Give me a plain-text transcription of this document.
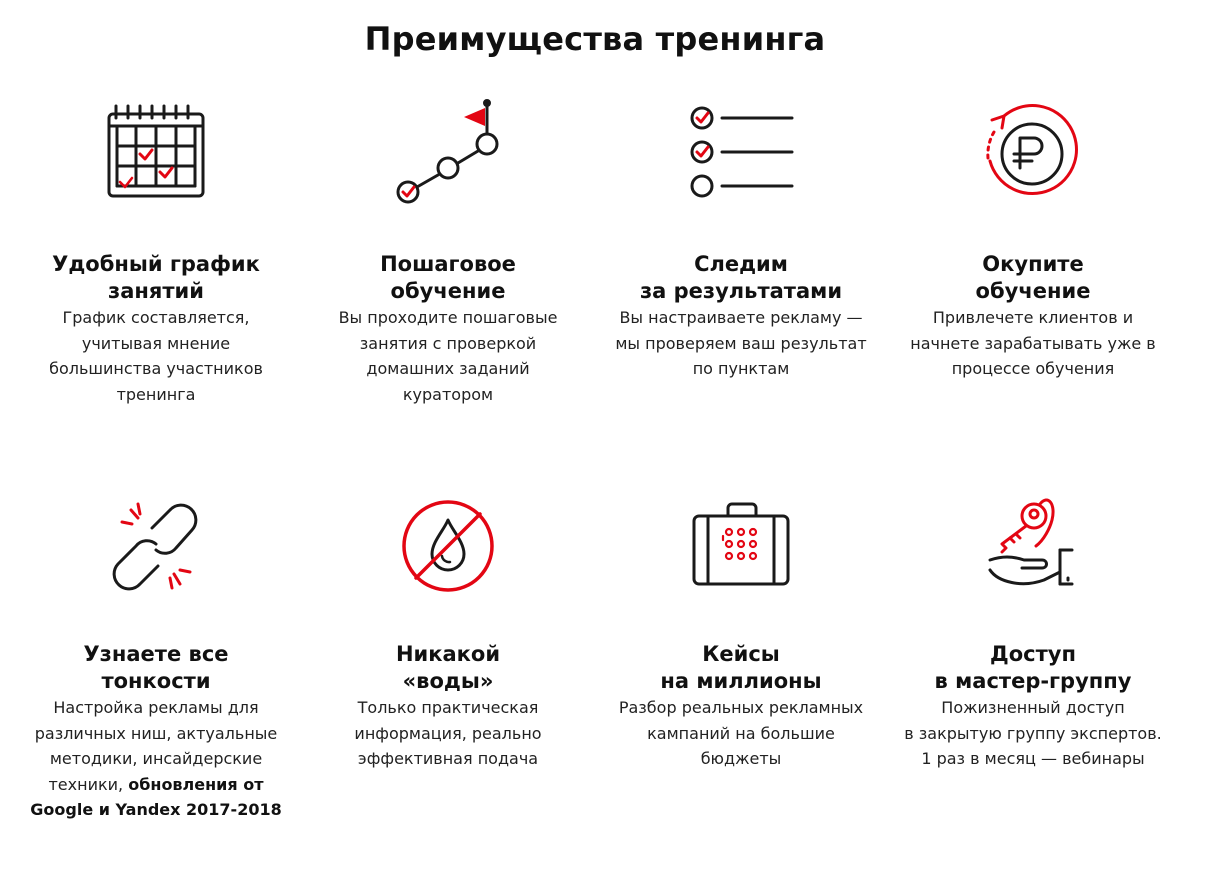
Преимущества тренинга

Удобный график
занятий

График составляется,
учитывая мнение
большинства участников
тренинга

Пошаговое
обучение

Вы проходите пошаговые
занятия с проверкой
домашних заданий
куратором

Следим
за результатами

Вы настраиваете рекламу —
мы проверяем ваш результат
по пунктам

Окупите
обучение

Привлечете клиентов и
начнете зарабатывать уже в
процессе обучения

Узнаете все
тонкости

Настройка рекламы для
различных ниш, актуальные
методики, инсайдерские
техники, обновления от
Google и Yandex 2017-2018

Никакой
«воды»

Только практическая
информация, реально
эффективная подача

Кейсы
на миллионы

Разбор реальных рекламных
кампаний на большие
бюджеты

Доступ
в мастер-группу

Пожизненный доступ
в закрытую группу экспертов.
1 раз в месяц — вебинары
